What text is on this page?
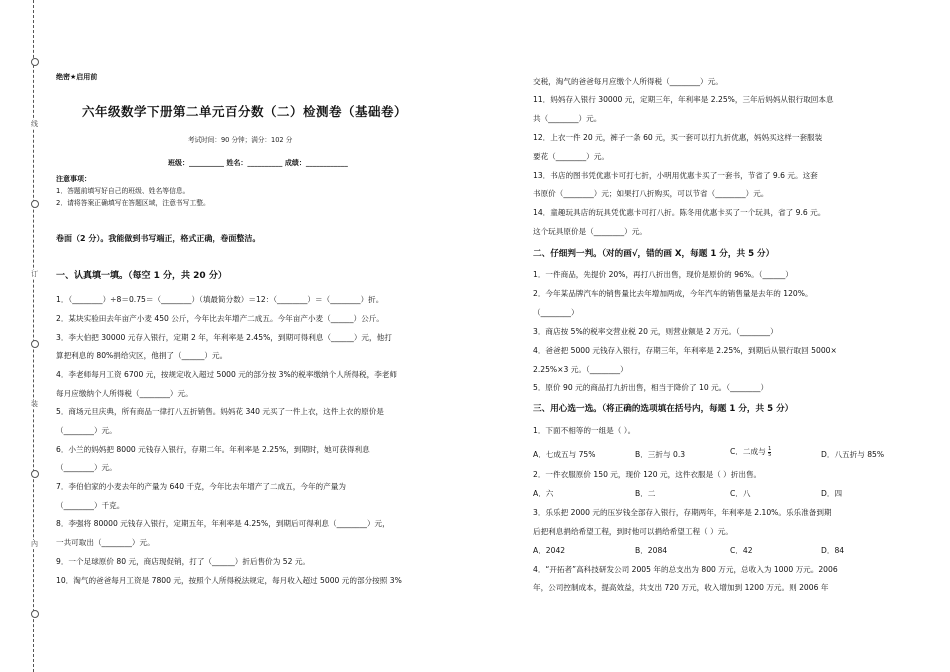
线
订
装
内
绝密★启用前
六年级数学下册第二单元百分数（二）检测卷（基础卷）
考试时间：90 分钟；满分：102 分
班级：__________ 姓名：__________ 成绩：____________
注意事项：
1．答题前填写好自己的班级、姓名等信息。
2．请将答案正确填写在答题区域，注意书写工整。
卷面（2 分）。我能做到书写端正，格式正确，卷面整洁。
一、认真填一填。（每空 1 分，共 20 分）
1．（________）÷8＝0.75＝（________）（填最简分数）＝12：（________）＝（________）折。
2．某块实验田去年亩产小麦 450 公斤，今年比去年增产二成五。今年亩产小麦（______）公斤。
3．李大伯把 30000 元存入银行，定期 2 年，年利率是 2.45%，到期可得利息（______）元，他打
算把利息的 80%捐给灾区，他捐了（______）元。
4．李老师每月工资 6700 元，按规定收入超过 5000 元的部分按 3%的税率缴纳个人所得税，李老师
每月应缴纳个人所得税（________）元。
5．商场元旦庆典，所有商品一律打八五折销售。妈妈花 340 元买了一件上衣，这件上衣的原价是
（________）元。
6．小兰的妈妈把 8000 元钱存入银行，存期二年。年利率是 2.25%，到期时，她可获得利息
（________）元。
7．李伯伯家的小麦去年的产量为 640 千克，今年比去年增产了二成五，今年的产量为
（________）千克。
8．李强将 80000 元钱存入银行，定期五年，年利率是 4.25%，到期后可得利息（________）元，
一共可取出（________）元。
9．一个足球原价 80 元，商店现促销，打了（______）折后售价为 52 元。
10．淘气的爸爸每月工资是 7800 元，按照个人所得税法规定，每月收入超过 5000 元的部分按照 3%
交税，淘气的爸爸每月应缴个人所得税（________）元。
11．妈妈存入银行 30000 元，定期三年，年利率是 2.25%，三年后妈妈从银行取回本息
共（________）元。
12．上衣一件 20 元，裤子一条 60 元，买一套可以打九折优惠，妈妈买这样一套服装
要花（________）元。
13．书店的图书凭优惠卡可打七折，小明用优惠卡买了一套书，节省了 9.6 元。这套
书原价（________）元；如果打八折购买，可以节省（________）元。
14．童趣玩具店的玩具凭优惠卡可打八折。陈冬用优惠卡买了一个玩具，省了 9.6 元。
这个玩具原价是（________）元。
二、仔细判一判。（对的画√，错的画 X，每题 1 分，共 5 分）
1．一件商品，先提价 20%，再打八折出售，现价是原价的 96%。（______）
2．今年某品牌汽车的销售量比去年增加两成，今年汽车的销售量是去年的 120%。
（________）
3．商店按 5%的税率交营业税 20 元，则营业额是 2 万元。（________）
4．爸爸把 5000 元钱存入银行，存期三年，年利率是 2.25%，到期后从银行取回 5000×
2.25%×3 元。（________）
5．原价 90 元的商品打九折出售，相当于降价了 10 元。（________）
三、用心选一选。（将正确的选项填在括号内，每题 1 分，共 5 分）
1．下面不相等的一组是（ ）。
A．七成五与 75%	B．三折与 0.3	C．二成与 $\frac{1}{5}$	D．八五折与 85%
2．一件衣服原价 150 元，现价 120 元，这件衣服是（ ）折出售。
A．六	B．二	C．八	D．四
3．乐乐把 2000 元的压岁钱全部存入银行，存期两年，年利率是 2.10%。乐乐准备到期
后把利息捐给希望工程，到时他可以捐给希望工程（ ）元。
A．2042	B．2084	C．42	D．84
4．“开拓者”高科技研发公司 2005 年的总支出为 800 万元，总收入为 1000 万元。2006
年，公司控制成本，提高效益，共支出 720 万元，收入增加到 1200 万元。则 2006 年
